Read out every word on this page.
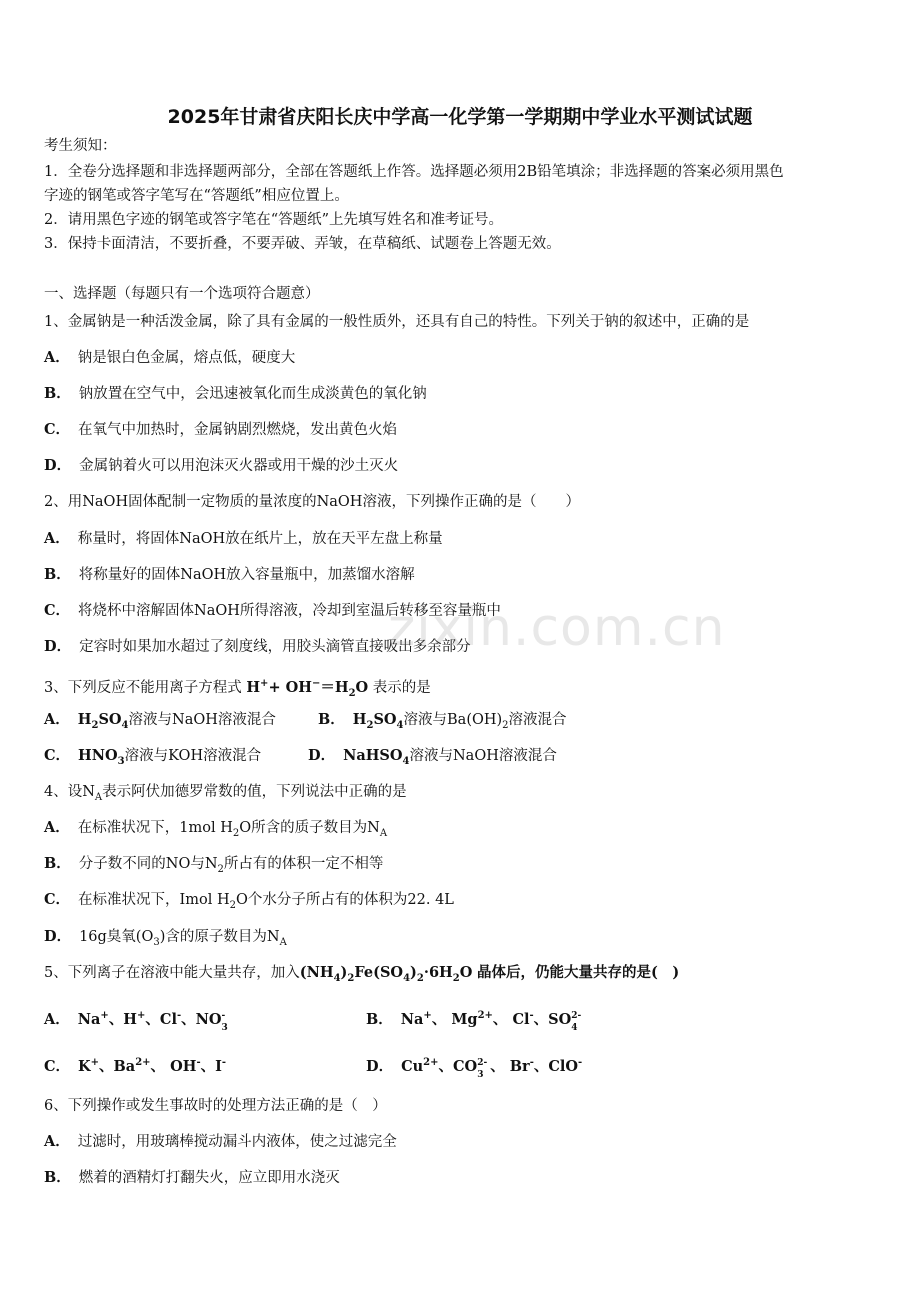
2025年甘肃省庆阳长庆中学高一化学第一学期期中学业水平测试试题
考生须知：
1．全卷分选择题和非选择题两部分，全部在答题纸上作答。选择题必须用2B铅笔填涂；非选择题的答案必须用黑色
字迹的钢笔或答字笔写在“答题纸”相应位置上。
2．请用黑色字迹的钢笔或答字笔在“答题纸”上先填写姓名和准考证号。
3．保持卡面清洁，不要折叠，不要弄破、弄皱，在草稿纸、试题卷上答题无效。
一、选择题（每题只有一个选项符合题意）
1、金属钠是一种活泼金属，除了具有金属的一般性质外，还具有自己的特性。下列关于钠的叙述中，正确的是
A． 钠是银白色金属，熔点低，硬度大
B． 钠放置在空气中，会迅速被氧化而生成淡黄色的氧化钠
C． 在氧气中加热时，金属钠剧烈燃烧，发出黄色火焰
D． 金属钠着火可以用泡沫灭火器或用干燥的沙土灭火
2、用NaOH固体配制一定物质的量浓度的NaOH溶液，下列操作正确的是（　　）
A． 称量时，将固体NaOH放在纸片上，放在天平左盘上称量
B． 将称量好的固体NaOH放入容量瓶中，加蒸馏水溶解
C． 将烧杯中溶解固体NaOH所得溶液，冷却到室温后转移至容量瓶中
D． 定容时如果加水超过了刻度线，用胶头滴管直接吸出多余部分
3、下列反应不能用离子方程式 $H^++ OH^-=H_2O$ 表示的是
A． $H_2SO_4$溶液与NaOH溶液混合	B． $H_2SO_4$溶液与$Ba(OH)_2$溶液混合
C． $HNO_3$溶液与KOH溶液混合	D． NaHSO$_4$溶液与NaOH溶液混合
4、设$N_A$表示阿伏加德罗常数的值，下列说法中正确的是
A． 在标准状况下，1mol $H_2O$所含的质子数目为$N_A$
B． 分子数不同的NO与$N_2$所占有的体积一定不相等
C． 在标准状况下，Imol $H_2O$个水分子所占有的体积为22. 4L
D． 16g臭氧$(O_3)$含的原子数目为$N_A$
5、下列离子在溶液中能大量共存，加入$(NH_4)_2Fe(SO_4)_2\cdot 6H_2O$ 晶体后，仍能大量共存的是(　)
A． Na+、H+、Cl-、NO -
3	B． Na+、 $Mg^{2+}$、 Cl-、SO 2-
4
C． K+、$Ba^{2+}$、 OH-、I-	D． $Cu^{2+}$、CO 2-
3 、 Br-、ClO-
6、下列操作或发生事故时的处理方法正确的是（　）
A． 过滤时，用玻璃棒搅动漏斗内液体，使之过滤完全
B． 燃着的酒精灯打翻失火，应立即用水浇灭
zixin.com.cn
